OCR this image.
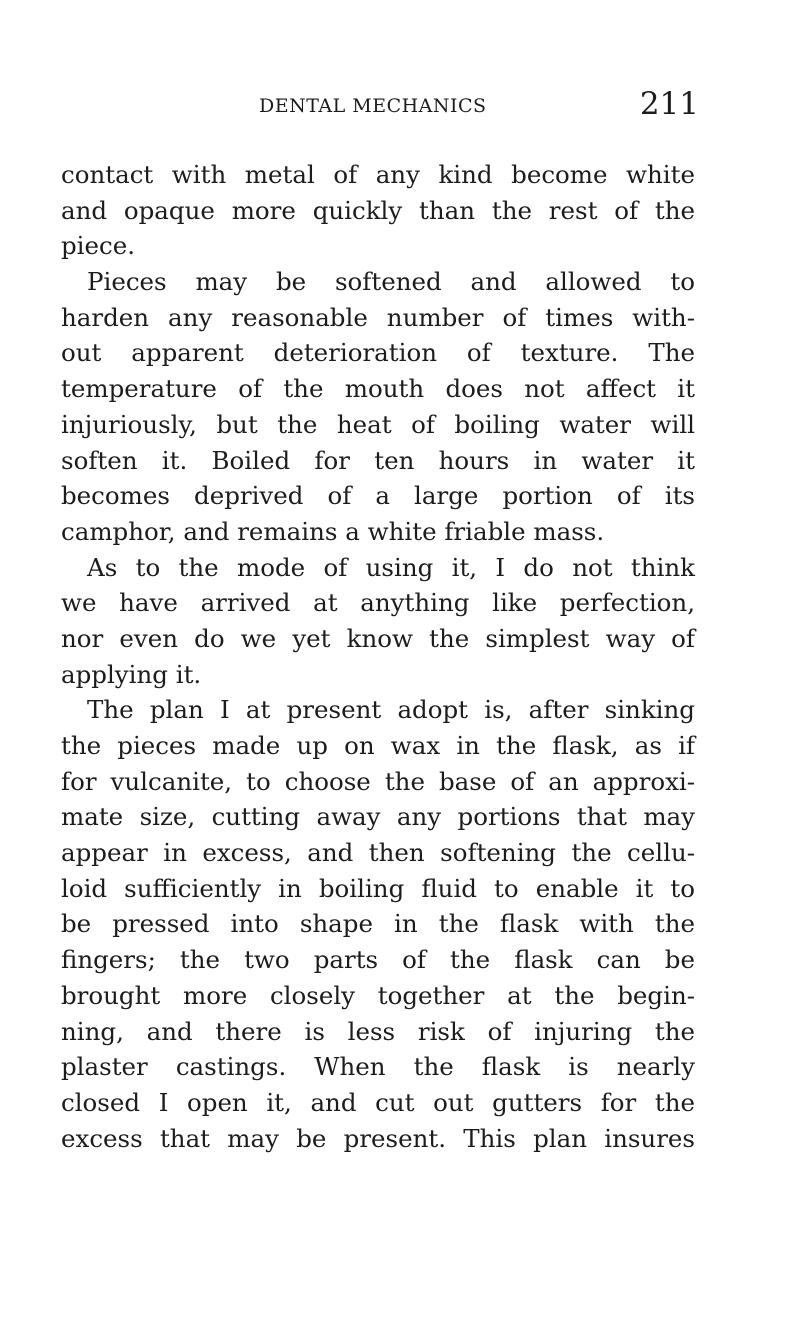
DENTAL MECHANICS	211
contact with metal of any kind become white
and opaque more quickly than the rest of the
piece.
Pieces may be softened and allowed to
harden any reasonable number of times with-
out apparent deterioration of texture. The
temperature of the mouth does not affect it
injuriously, but the heat of boiling water will
soften it. Boiled for ten hours in water it
becomes deprived of a large portion of its
camphor, and remains a white friable mass.
As to the mode of using it, I do not think
we have arrived at anything like perfection,
nor even do we yet know the simplest way of
applying it.
The plan I at present adopt is, after sinking
the pieces made up on wax in the flask, as if
for vulcanite, to choose the base of an approxi-
mate size, cutting away any portions that may
appear in excess, and then softening the cellu-
loid sufficiently in boiling fluid to enable it to
be pressed into shape in the flask with the
fingers; the two parts of the flask can be
brought more closely together at the begin-
ning, and there is less risk of injuring the
plaster castings. When the flask is nearly
closed I open it, and cut out gutters for the
excess that may be present. This plan insures
